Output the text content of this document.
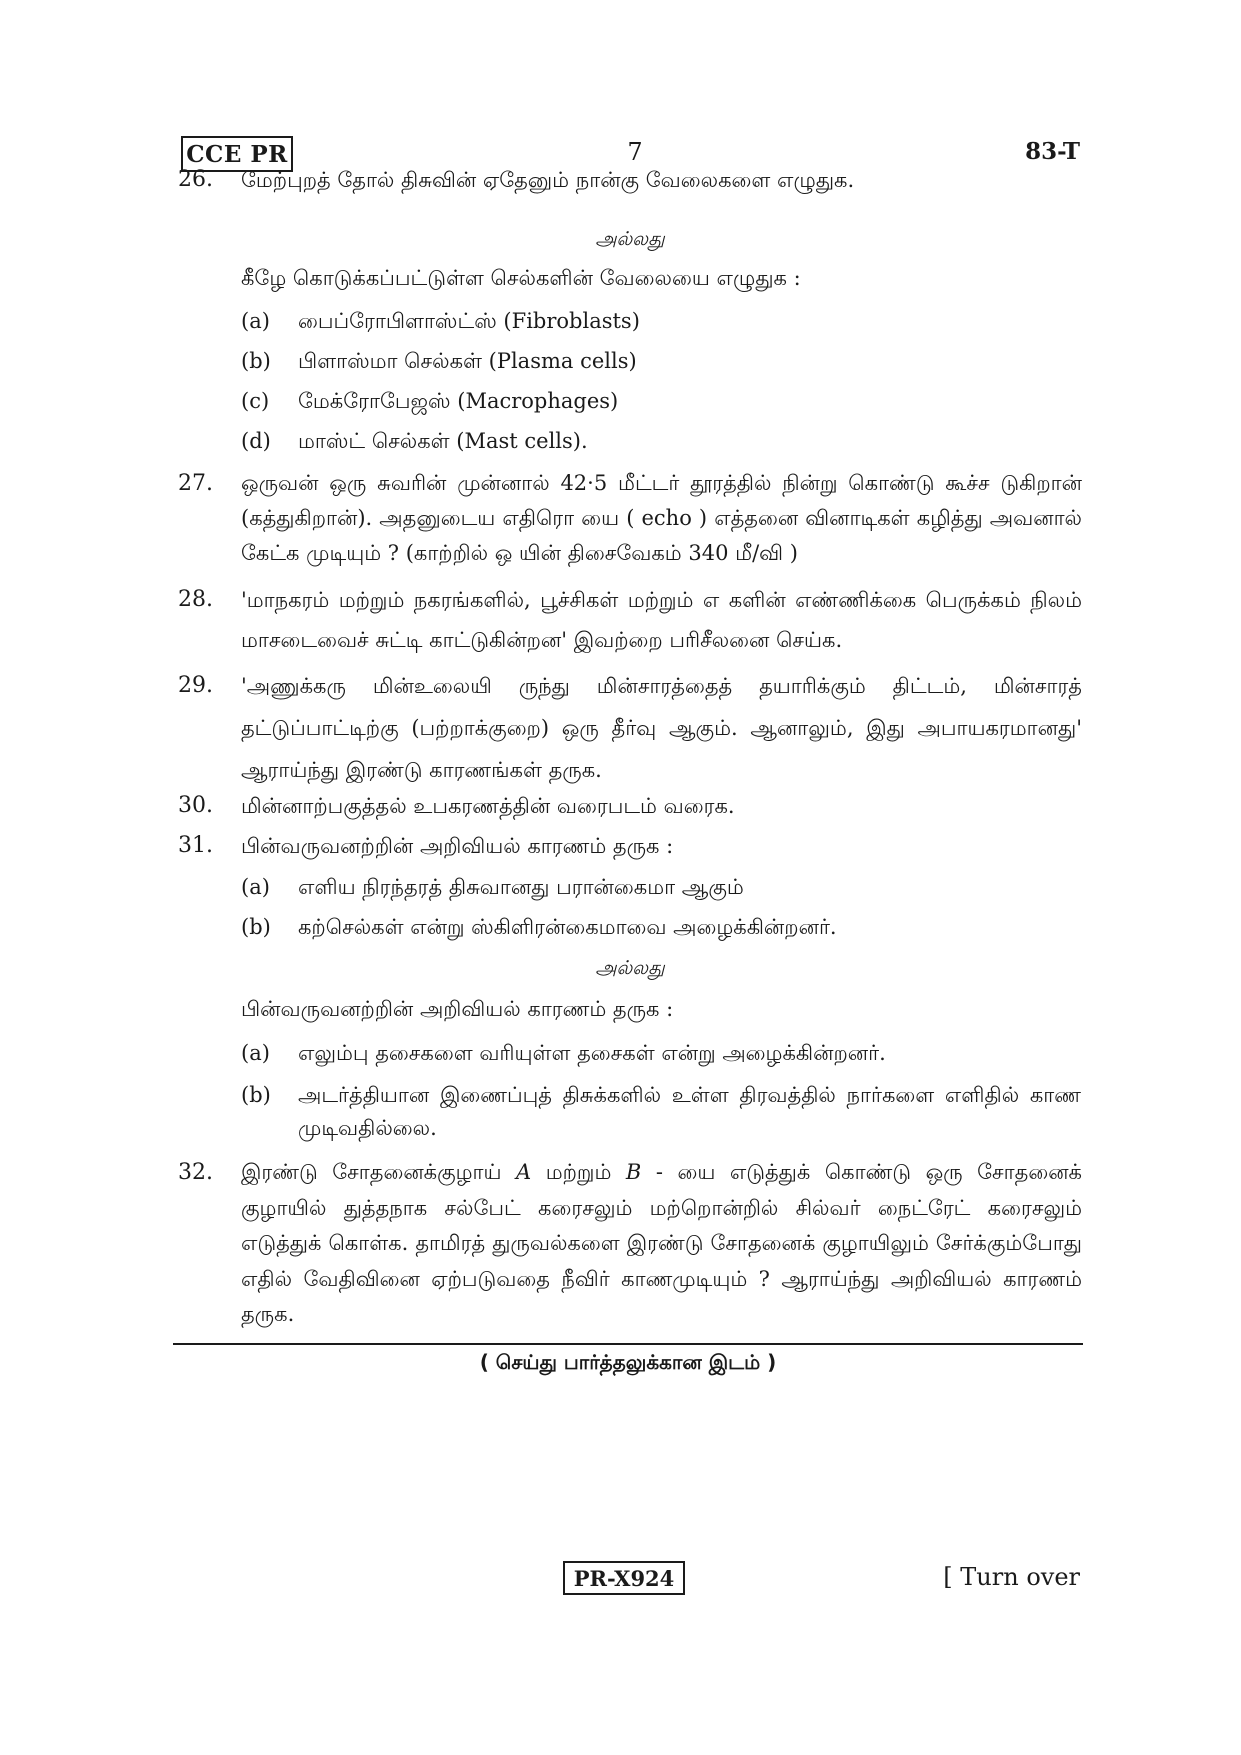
CCE PR	7	83-T
26.	மேற்புறத் தோல் திசுவின் ஏதேனும் நான்கு வேலைகளை எழுதுக.
அல்லது
கீழே கொடுக்கப்பட்டுள்ள செல்களின் வேலையை எழுதுக :
(a)	பைப்ரோபிளாஸ்ட்ஸ் (Fibroblasts)
(b)	பிளாஸ்மா செல்கள் (Plasma cells)
(c)	மேக்ரோபேஜஸ் (Macrophages)
(d)	மாஸ்ட் செல்கள் (Mast cells).
27.	ஒருவன் ஒரு சுவரின் முன்னால் 42·5 மீட்டர் தூரத்தில் நின்று கொண்டு கூச்ச டுகிறான் (கத்துகிறான்). அதனுடைய எதிரொ யை ( echo ) எத்தனை வினாடிகள் கழித்து அவனால் கேட்க முடியும் ? (காற்றில் ஒ யின் திசைவேகம் 340 மீ/வி )
28.	'மாநகரம் மற்றும் நகரங்களில், பூச்சிகள் மற்றும் எ களின் எண்ணிக்கை பெருக்கம் நிலம் மாசடைவைச் சுட்டி காட்டுகின்றன' இவற்றை பரிசீலனை செய்க.
29.	'அணுக்கரு மின்உலையி ருந்து மின்சாரத்தைத் தயாரிக்கும் திட்டம், மின்சாரத் தட்டுப்பாட்டிற்கு (பற்றாக்குறை) ஒரு தீர்வு ஆகும். ஆனாலும், இது அபாயகரமானது' ஆராய்ந்து இரண்டு காரணங்கள் தருக.
30.	மின்னாற்பகுத்தல் உபகரணத்தின் வரைபடம் வரைக.
31.	பின்வருவனற்றின் அறிவியல் காரணம் தருக :
(a)	எளிய நிரந்தரத் திசுவானது பரான்கைமா ஆகும்
(b)	கற்செல்கள் என்று ஸ்கிளிரன்கைமாவை அழைக்கின்றனர்.
அல்லது
பின்வருவனற்றின் அறிவியல் காரணம் தருக :
(a)	எலும்பு தசைகளை வரியுள்ள தசைகள் என்று அழைக்கின்றனர்.
(b)	அடர்த்தியான இணைப்புத் திசுக்களில் உள்ள திரவத்தில் நார்களை எளிதில் காண முடிவதில்லை.
32.	இரண்டு சோதனைக்குழாய் A மற்றும் B - யை எடுத்துக் கொண்டு ஒரு சோதனைக் குழாயில் துத்தநாக சல்பேட் கரைசலும் மற்றொன்றில் சில்வர் நைட்ரேட் கரைசலும் எடுத்துக் கொள்க. தாமிரத் துருவல்களை இரண்டு சோதனைக் குழாயிலும் சேர்க்கும்போது எதில் வேதிவினை ஏற்படுவதை நீவிர் காணமுடியும் ? ஆராய்ந்து அறிவியல் காரணம் தருக.
( செய்து பார்த்தலுக்கான இடம் )
PR-X924	[ Turn over
